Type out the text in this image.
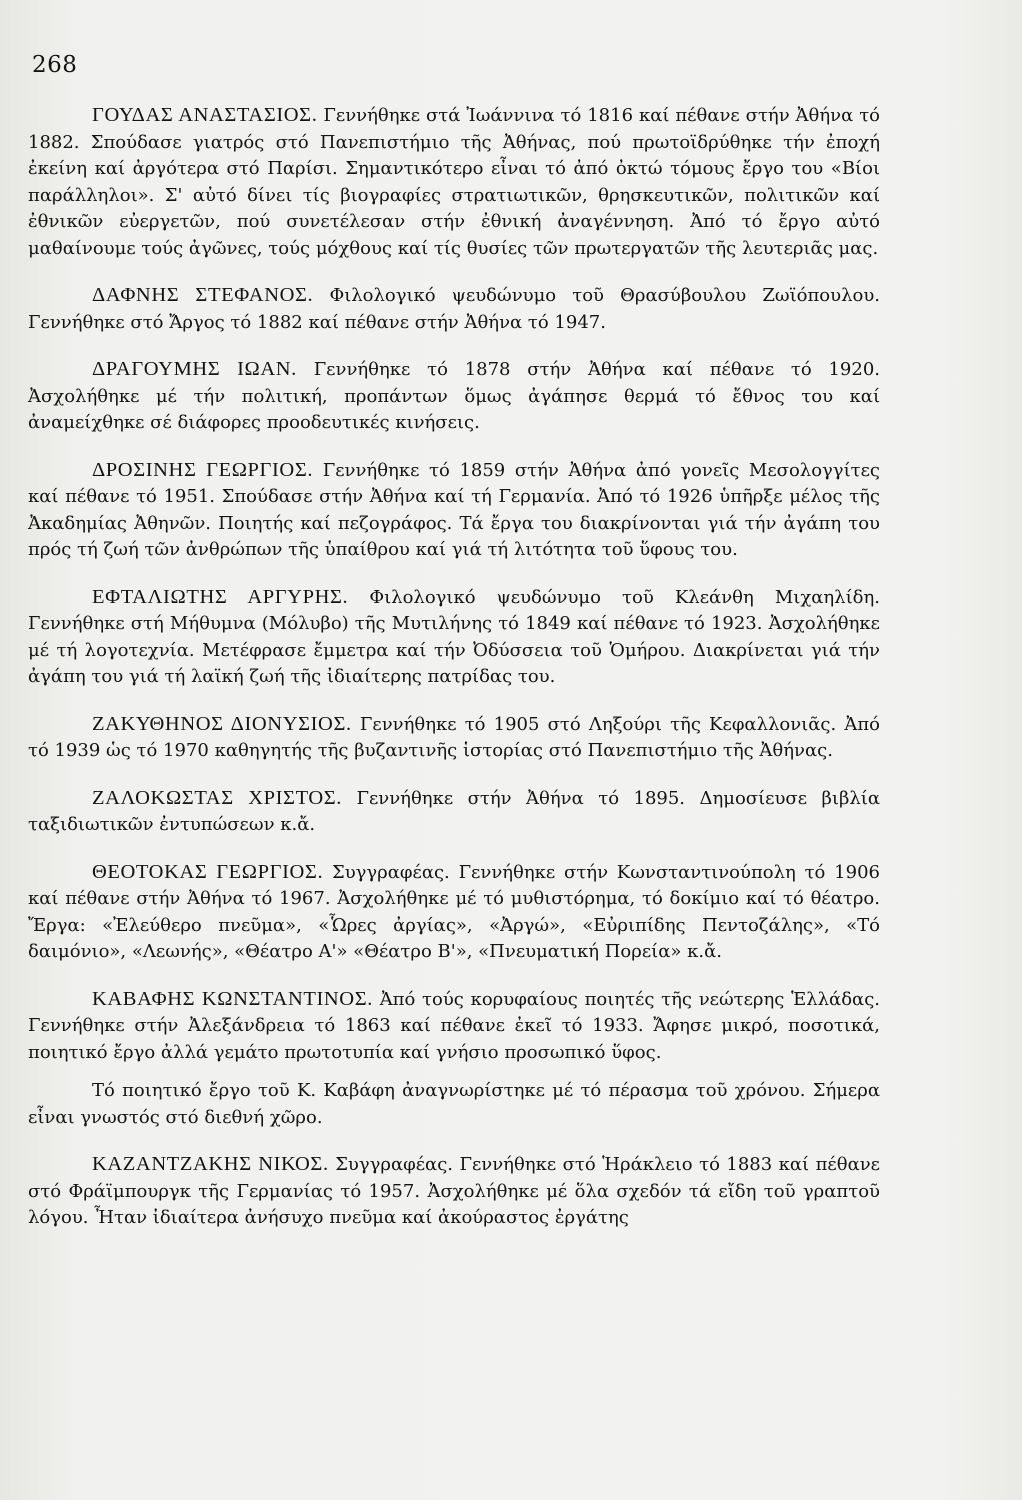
268

ΓΟΥΔΑΣ ΑΝΑΣΤΑΣΙΟΣ. Γεννήθηκε στά Ἰωάννινα τό 1816 καί πέθανε στήν Ἀθήνα τό 1882. Σπούδασε γιατρός στό Πανεπιστήμιο τῆς Ἀθήνας, πού πρωτοϊδρύθηκε τήν ἐποχή ἐκείνη καί ἀργότερα στό Παρίσι. Σημαντικότερο εἶναι τό ἀπό ὀκτώ τόμους ἔργο του «Βίοι παράλληλοι». Σ' αὐτό δίνει τίς βιογραφίες στρατιωτικῶν, θρησκευτικῶν, πολιτικῶν καί ἐθνικῶν εὐεργετῶν, πού συνετέλεσαν στήν ἐθνική ἀναγέννηση. Ἀπό τό ἔργο αὐτό μαθαίνουμε τούς ἀγῶνες, τούς μόχθους καί τίς θυσίες τῶν πρωτεργατῶν τῆς λευτεριᾶς μας.

ΔΑΦΝΗΣ ΣΤΕΦΑΝΟΣ. Φιλολογικό ψευδώνυμο τοῦ Θρασύβουλου Ζωϊόπουλου. Γεννήθηκε στό Ἄργος τό 1882 καί πέθανε στήν Ἀθήνα τό 1947.

ΔΡΑΓΟΥΜΗΣ ΙΩΑΝ. Γεννήθηκε τό 1878 στήν Ἀθήνα καί πέθανε τό 1920. Ἀσχολήθηκε μέ τήν πολιτική, προπάντων ὅμως ἀγάπησε θερμά τό ἔθνος του καί ἀναμείχθηκε σέ διάφορες προοδευτικές κινήσεις.

ΔΡΟΣΙΝΗΣ ΓΕΩΡΓΙΟΣ. Γεννήθηκε τό 1859 στήν Ἀθήνα ἀπό γονεῖς Μεσολογγίτες καί πέθανε τό 1951. Σπούδασε στήν Ἀθήνα καί τή Γερμανία. Ἀπό τό 1926 ὑπῆρξε μέλος τῆς Ἀκαδημίας Ἀθηνῶν. Ποιητής καί πεζογράφος. Τά ἔργα του διακρίνονται γιά τήν ἀγάπη του πρός τή ζωή τῶν ἀνθρώπων τῆς ὑπαίθρου καί γιά τή λιτότητα τοῦ ὕφους του.

ΕΦΤΑΛΙΩΤΗΣ ΑΡΓΥΡΗΣ. Φιλολογικό ψευδώνυμο τοῦ Κλεάνθη Μιχαηλίδη. Γεννήθηκε στή Μήθυμνα (Μόλυβο) τῆς Μυτιλήνης τό 1849 καί πέθανε τό 1923. Ἀσχολήθηκε μέ τή λογοτεχνία. Μετέφρασε ἔμμετρα καί τήν Ὀδύσσεια τοῦ Ὁμήρου. Διακρίνεται γιά τήν ἀγάπη του γιά τή λαϊκή ζωή τῆς ἰδιαίτερης πατρίδας του.

ΖΑΚΥΘΗΝΟΣ ΔΙΟΝΥΣΙΟΣ. Γεννήθηκε τό 1905 στό Ληξούρι τῆς Κεφαλλονιᾶς. Ἀπό τό 1939 ὡς τό 1970 καθηγητής τῆς βυζαντινῆς ἱστορίας στό Πανεπιστήμιο τῆς Ἀθήνας.

ΖΑΛΟΚΩΣΤΑΣ ΧΡΙΣΤΟΣ. Γεννήθηκε στήν Ἀθήνα τό 1895. Δημοσίευσε βιβλία ταξιδιωτικῶν ἐντυπώσεων κ.ἄ.

ΘΕΟΤΟΚΑΣ ΓΕΩΡΓΙΟΣ. Συγγραφέας. Γεννήθηκε στήν Κωνσταντινούπολη τό 1906 καί πέθανε στήν Ἀθήνα τό 1967. Ἀσχολήθηκε μέ τό μυθιστόρημα, τό δοκίμιο καί τό θέατρο. Ἔργα: «Ἐλεύθερο πνεῦμα», «Ὧρες ἀργίας», «Ἀργώ», «Εὐριπίδης Πεντοζάλης», «Τό δαιμόνιο», «Λεωνής», «Θέατρο Α'» «Θέατρο Β'», «Πνευματική Πορεία» κ.ἄ.

ΚΑΒΑΦΗΣ ΚΩΝΣΤΑΝΤΙΝΟΣ. Ἀπό τούς κορυφαίους ποιητές τῆς νεώτερης Ἑλλάδας. Γεννήθηκε στήν Ἀλεξάνδρεια τό 1863 καί πέθανε ἐκεῖ τό 1933. Ἄφησε μικρό, ποσοτικά, ποιητικό ἔργο ἀλλά γεμάτο πρωτοτυπία καί γνήσιο προσωπικό ὕφος.

Τό ποιητικό ἔργο τοῦ Κ. Καβάφη ἀναγνωρίστηκε μέ τό πέρασμα τοῦ χρόνου. Σήμερα εἶναι γνωστός στό διεθνή χῶρο.

ΚΑΖΑΝΤΖΑΚΗΣ ΝΙΚΟΣ. Συγγραφέας. Γεννήθηκε στό Ἡράκλειο τό 1883 καί πέθανε στό Φράϊμπουργκ τῆς Γερμανίας τό 1957. Ἀσχολήθηκε μέ ὅλα σχεδόν τά εἴδη τοῦ γραπτοῦ λόγου. Ἦταν ἰδιαίτερα ἀνήσυχο πνεῦμα καί ἀκούραστος ἐργάτης
